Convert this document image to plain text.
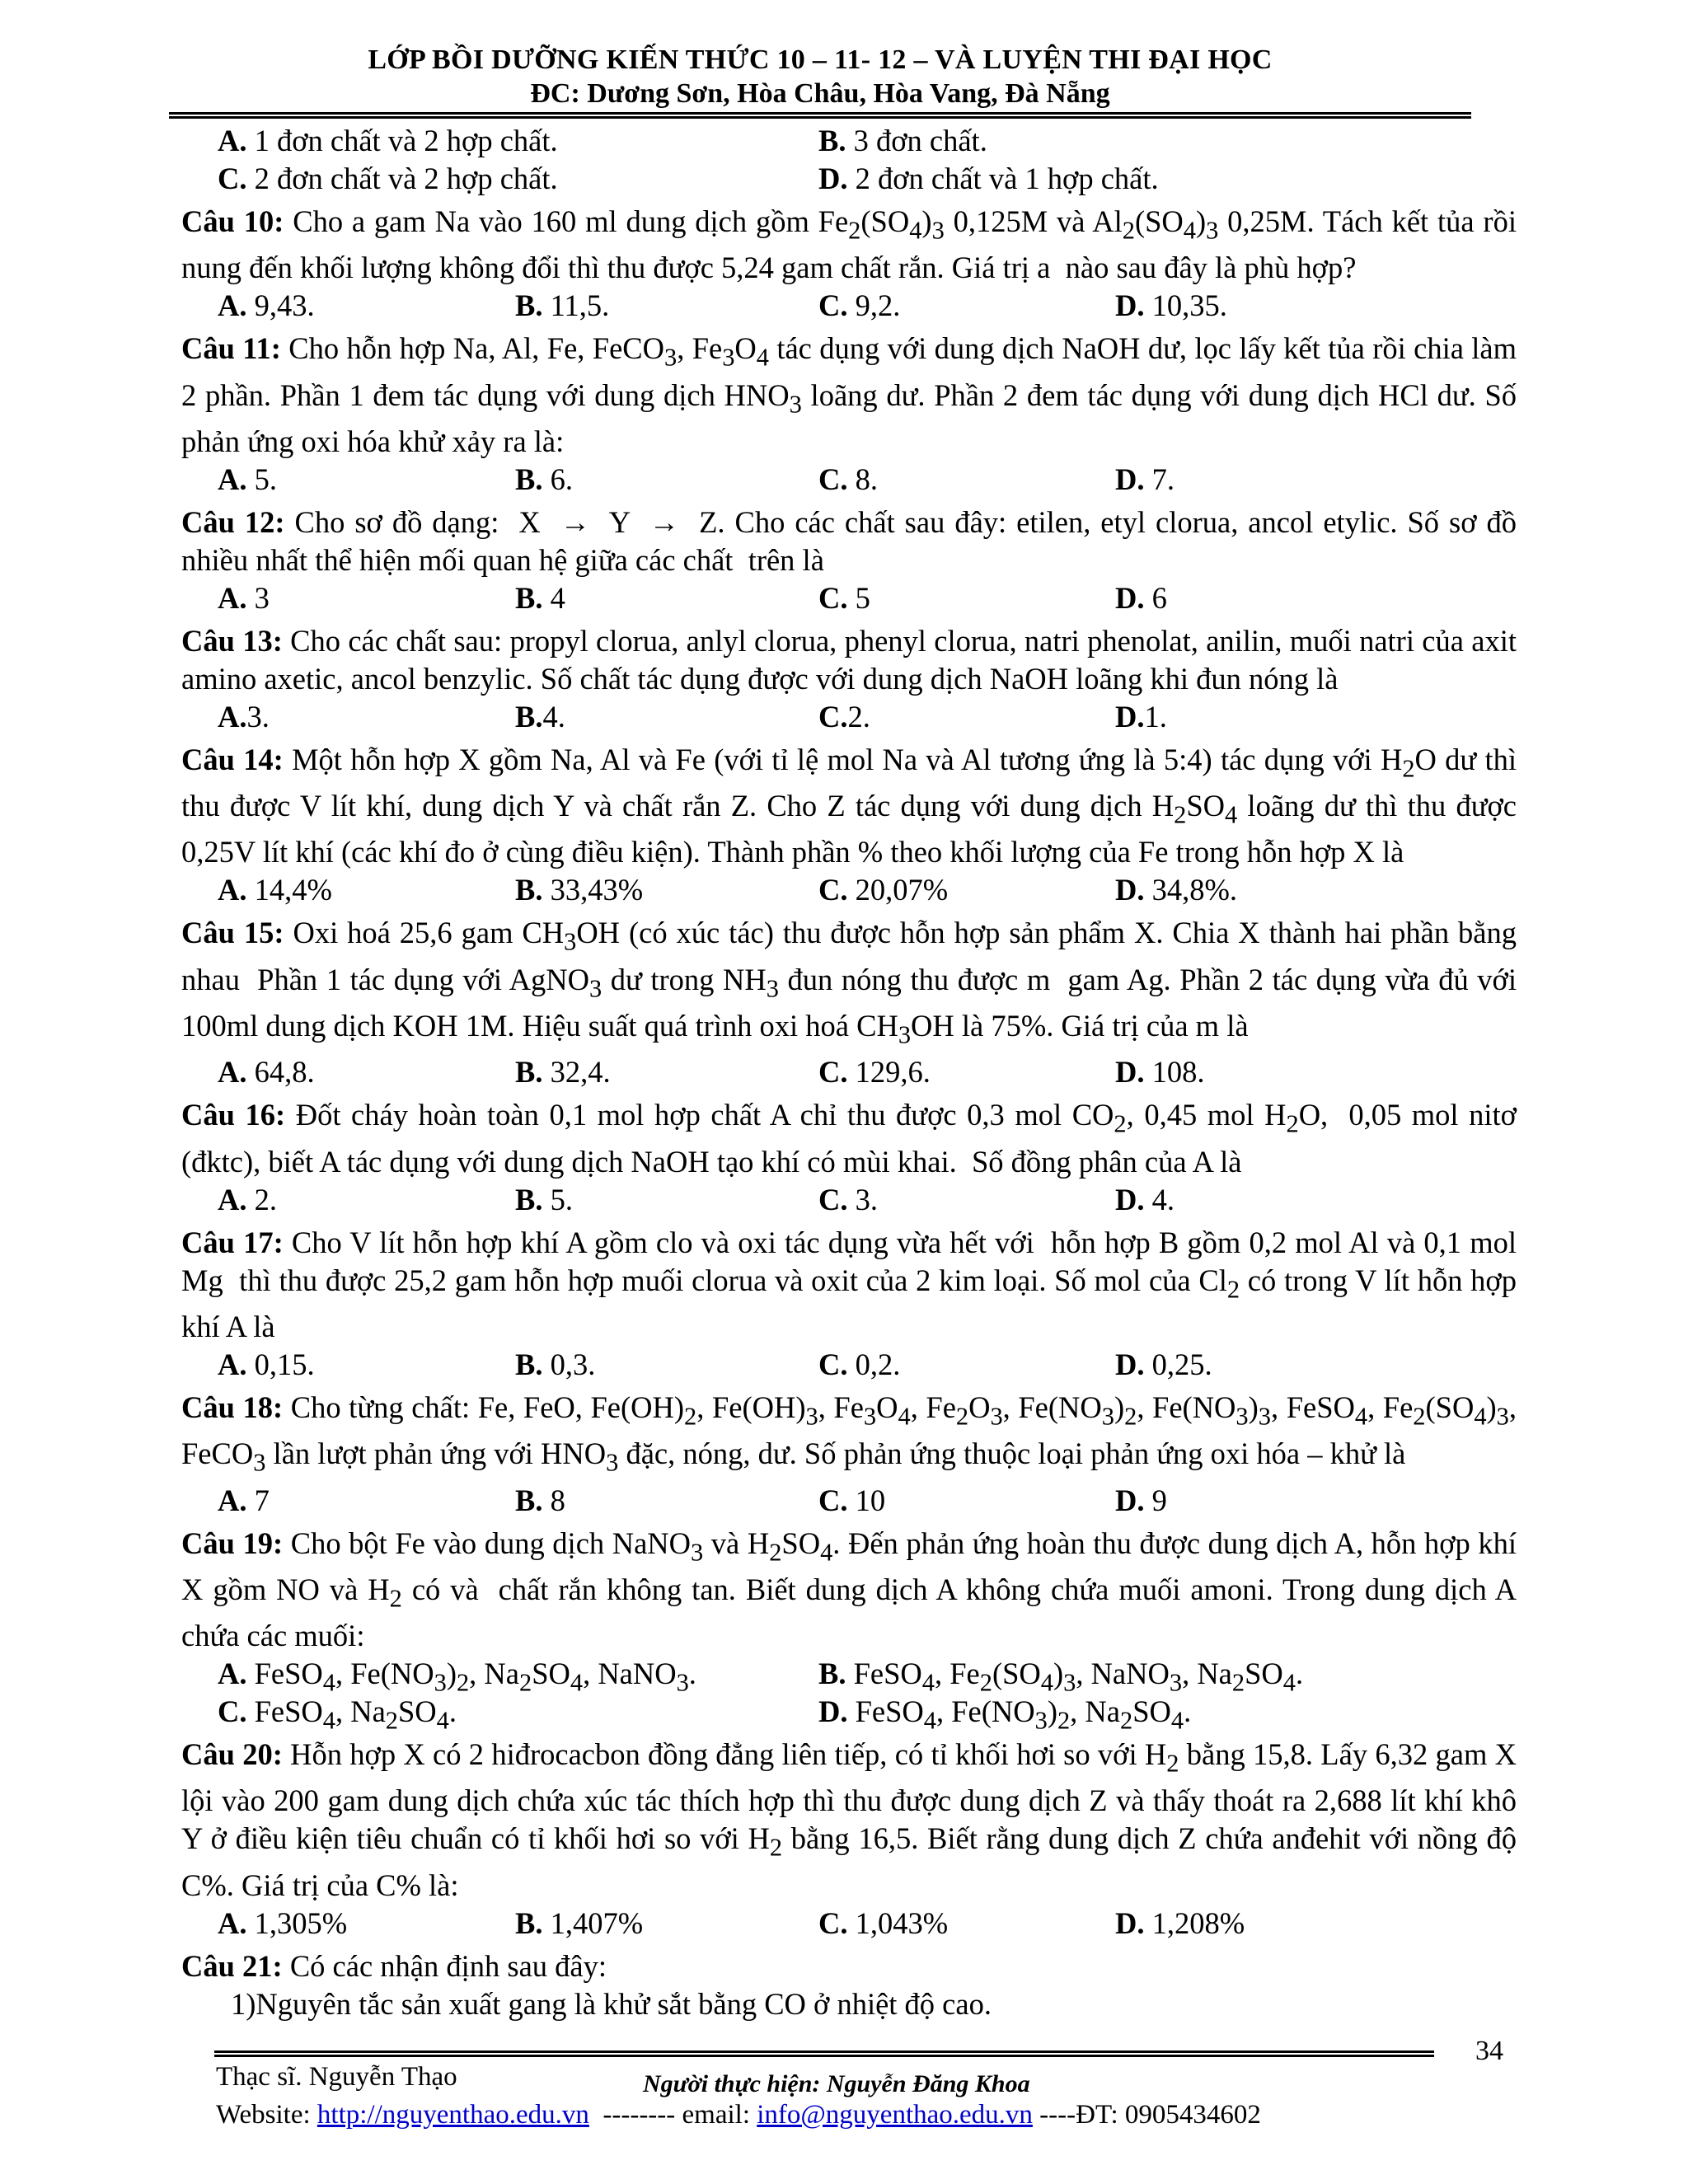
LỚP BỒI DƯỠNG KIẾN THỨC 10 – 11- 12 – VÀ LUYỆN THI ĐẠI HỌC
ĐC: Dương Sơn, Hòa Châu, Hòa Vang, Đà Nẵng
A. 1 đơn chất và 2 hợp chất.	B. 3 đơn chất.
C. 2 đơn chất và 2 hợp chất.	D. 2 đơn chất và 1 hợp chất.
Câu 10: Cho a gam Na vào 160 ml dung dịch gồm $Fe_2(SO_4)_3$ 0,125M và $Al_2(SO_4)_3$ 0,25M. Tách kết tủa rồi nung đến khối lượng không đổi thì thu được 5,24 gam chất rắn. Giá trị a  nào sau đây là phù hợp?
A. 9,43.	B. 11,5.	C. 9,2.	D. 10,35.
Câu 11: Cho hỗn hợp Na, Al, Fe, FeCO$_3$, $Fe_3O_4$ tác dụng với dung dịch NaOH dư, lọc lấy kết tủa rồi chia làm 2 phần. Phần 1 đem tác dụng với dung dịch $HNO_3$ loãng dư. Phần 2 đem tác dụng với dung dịch HCl dư. Số phản ứng oxi hóa khử xảy ra là:
A. 5.	B. 6.	C. 8.	D. 7.
Câu 12: Cho sơ đồ dạng:  X  →  Y  →  Z. Cho các chất sau đây: etilen, etyl clorua, ancol etylic. Số sơ đồ nhiều nhất thể hiện mối quan hệ giữa các chất  trên là
A. 3	B. 4	C. 5	D. 6
Câu 13: Cho các chất sau: propyl clorua, anlyl clorua, phenyl clorua, natri phenolat, anilin, muối natri của axit amino axetic, ancol benzylic. Số chất tác dụng được với dung dịch NaOH loãng khi đun nóng là
A.3.	B.4.	C.2.	D.1.
Câu 14: Một hỗn hợp X gồm Na, Al và Fe (với tỉ lệ mol Na và Al tương ứng là 5:4) tác dụng với $H_2O$ dư thì thu được V lít khí, dung dịch Y và chất rắn Z. Cho Z tác dụng với dung dịch $H_2SO_4$ loãng dư thì thu được 0,25V lít khí (các khí đo ở cùng điều kiện). Thành phần % theo khối lượng của Fe trong hỗn hợp X là
A. 14,4%	B. 33,43%	C. 20,07%	D. 34,8%.
Câu 15: Oxi hoá 25,6 gam $CH_3OH$ (có xúc tác) thu được hỗn hợp sản phẩm X. Chia X thành hai phần bằng nhau  Phần 1 tác dụng với AgNO$_3$ dư trong $NH_3$ đun nóng thu được m  gam Ag. Phần 2 tác dụng vừa đủ với 100ml dung dịch KOH 1M. Hiệu suất quá trình oxi hoá $CH_3OH$ là 75%. Giá trị của m là
A. 64,8.	B. 32,4.	C. 129,6.	D. 108.
Câu 16: Đốt cháy hoàn toàn 0,1 mol hợp chất A chỉ thu được 0,3 mol $CO_2$, 0,45 mol $H_2O$,  0,05 mol nitơ (đktc), biết A tác dụng với dung dịch NaOH tạo khí có mùi khai.  Số đồng phân của A là
A. 2.	B. 5.	C. 3.	D. 4.
Câu 17: Cho V lít hỗn hợp khí A gồm clo và oxi tác dụng vừa hết với  hỗn hợp B gồm 0,2 mol Al và 0,1 mol Mg  thì thu được 25,2 gam hỗn hợp muối clorua và oxit của 2 kim loại. Số mol của $Cl_2$ có trong V lít hỗn hợp khí A là
A. 0,15.	B. 0,3.	C. 0,2.	D. 0,25.
Câu 18: Cho từng chất: Fe, FeO, $Fe(OH)_2$, $Fe(OH)_3$, $Fe_3O_4$, $Fe_2O_3$, $Fe(NO_3)_2$, $Fe(NO_3)_3$, FeSO$_4$, $Fe_2(SO_4)_3$, FeCO$_3$ lần lượt phản ứng với $HNO_3$ đặc, nóng, dư. Số phản ứng thuộc loại phản ứng oxi hóa – khử là
A. 7	B. 8	C. 10	D. 9
Câu 19: Cho bột Fe vào dung dịch NaNO$_3$ và $H_2SO_4$. Đến phản ứng hoàn thu được dung dịch A, hỗn hợp khí X gồm NO và $H_2$ có và  chất rắn không tan. Biết dung dịch A không chứa muối amoni. Trong dung dịch A chứa các muối:
A. FeSO$_4$, $Fe(NO_3)_2$, $Na_2SO_4$, NaNO$_3$.	B. FeSO$_4$, $Fe_2(SO_4)_3$, NaNO$_3$, $Na_2SO_4$.
C. FeSO$_4$, $Na_2SO_4$.	D. FeSO$_4$, $Fe(NO_3)_2$, $Na_2SO_4$.
Câu 20: Hỗn hợp X có 2 hiđrocacbon đồng đẳng liên tiếp, có tỉ khối hơi so với $H_2$ bằng 15,8. Lấy 6,32 gam X lội vào 200 gam dung dịch chứa xúc tác thích hợp thì thu được dung dịch Z và thấy thoát ra 2,688 lít khí khô Y ở điều kiện tiêu chuẩn có tỉ khối hơi so với $H_2$ bằng 16,5. Biết rằng dung dịch Z chứa anđehit với nồng độ C%. Giá trị của C% là:
A. 1,305%	B. 1,407%	C. 1,043%	D. 1,208%
Câu 21: Có các nhận định sau đây:
1)Nguyên tắc sản xuất gang là khử sắt bằng CO ở nhiệt độ cao.
34
Thạc sĩ. Nguyễn Thạo	Người thực hiện: Nguyễn Đăng Khoa
Website: http://nguyenthao.edu.vn  -------- email: info@nguyenthao.edu.vn ----ĐT: 0905434602
